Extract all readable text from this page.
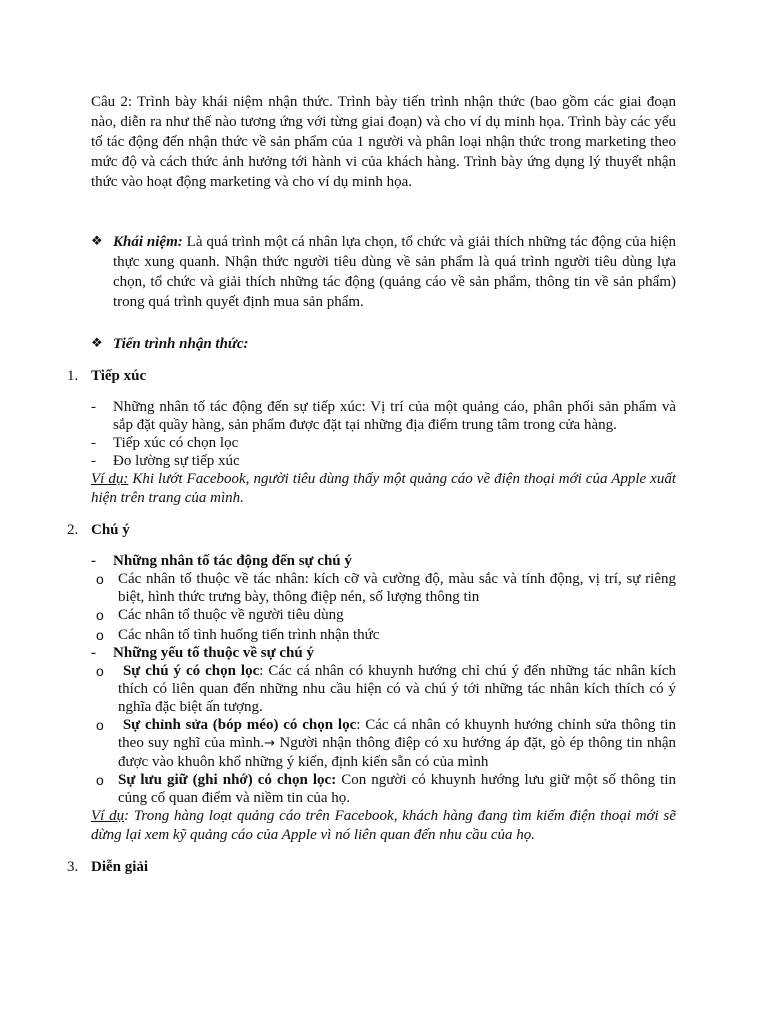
Câu 2: Trình bày khái niệm nhận thức. Trình bày tiến trình nhận thức (bao gồm các giai đoạn nào, diễn ra như thế nào tương ứng với từng giai đoạn) và cho ví dụ minh họa. Trình bày các yếu tố tác động đến nhận thức về sản phẩm của 1 người và phân loại nhận thức trong marketing theo mức độ và cách thức ảnh hưởng tới hành vi của khách hàng. Trình bày ứng dụng lý thuyết nhận thức vào hoạt động marketing và cho ví dụ minh họa.

❖ Khái niệm: Là quá trình một cá nhân lựa chọn, tổ chức và giải thích những tác động của hiện thực xung quanh. Nhận thức người tiêu dùng về sản phẩm là quá trình người tiêu dùng lựa chọn, tổ chức và giải thích những tác động (quảng cáo về sản phẩm, thông tin về sản phẩm) trong quá trình quyết định mua sản phẩm.
❖ Tiến trình nhận thức:
1. Tiếp xúc
- Những nhân tố tác động đến sự tiếp xúc: Vị trí của một quảng cáo, phân phối sản phẩm và sắp đặt quầy hàng, sản phẩm được đặt tại những địa điểm trung tâm trong cửa hàng.
- Tiếp xúc có chọn lọc
- Đo lường sự tiếp xúc

Ví dụ: Khi lướt Facebook, người tiêu dùng thấy một quảng cáo về điện thoại mới của Apple xuất hiện trên trang của mình.

2. Chú ý
- Những nhân tố tác động đến sự chú ý
o Các nhân tố thuộc về tác nhân: kích cỡ và cường độ, màu sắc và tính động, vị trí, sự riêng biệt, hình thức trưng bày, thông điệp nén, số lượng thông tin
o Các nhân tố thuộc về người tiêu dùng
o Các nhân tố tình huống tiến trình nhận thức
- Những yếu tố thuộc về sự chú ý
o Sự chú ý có chọn lọc: Các cá nhân có khuynh hướng chỉ chú ý đến những tác nhân kích thích có liên quan đến những nhu cầu hiện có và chú ý tới những tác nhân kích thích có ý nghĩa đặc biệt ấn tượng.
o Sự chỉnh sửa (bóp méo) có chọn lọc: Các cá nhân có khuynh hướng chỉnh sửa thông tin theo suy nghĩ của mình.→ Người nhận thông điệp có xu hướng áp đặt, gò ép thông tin nhận được vào khuôn khổ những ý kiến, định kiến sẵn có của mình
o Sự lưu giữ (ghi nhớ) có chọn lọc: Con người có khuynh hướng lưu giữ một số thông tin củng cố quan điểm và niềm tin của họ.

Ví dụ: Trong hàng loạt quảng cáo trên Facebook, khách hàng đang tìm kiếm điện thoại mới sẽ dừng lại xem kỹ quảng cáo của Apple vì nó liên quan đến nhu cầu của họ.

3. Diễn giải
